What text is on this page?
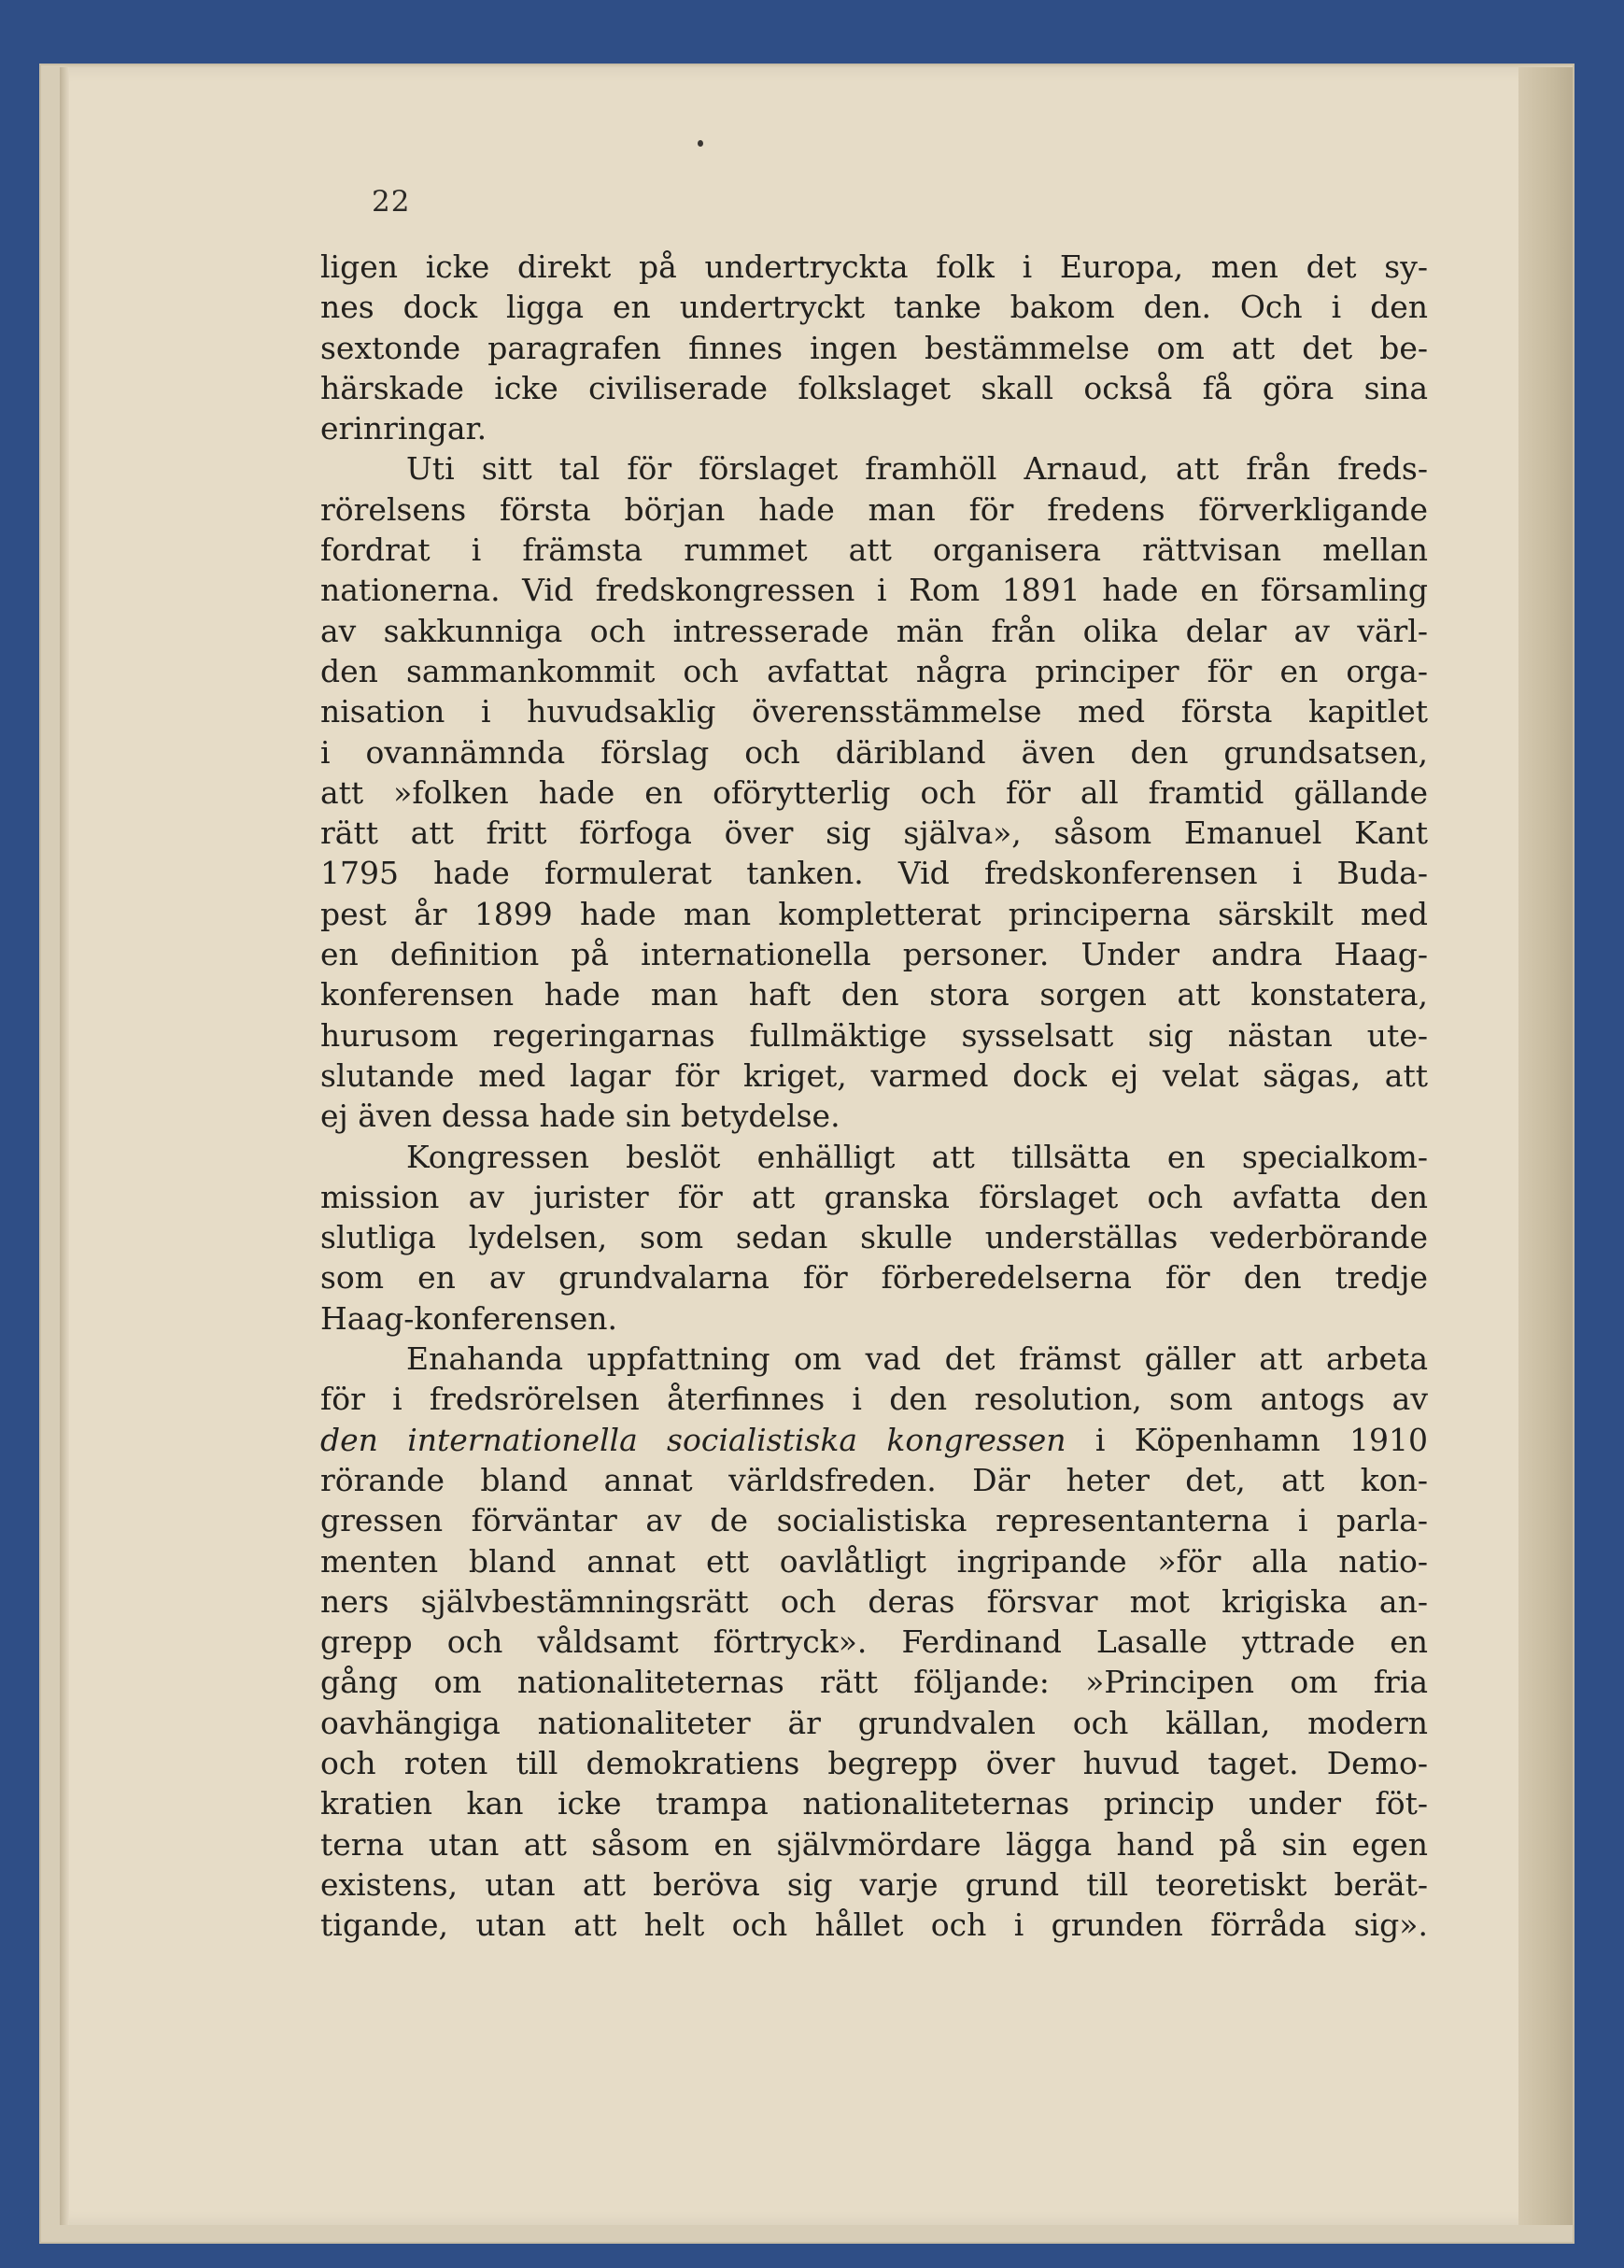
22

ligen icke direkt på undertryckta folk i Europa, men det sy-

nes dock ligga en undertryckt tanke bakom den. Och i den

sextonde paragrafen finnes ingen bestämmelse om att det be-

härskade icke civiliserade folkslaget skall också få göra sina

erinringar.

Uti sitt tal för förslaget framhöll Arnaud, att från freds-

rörelsens första början hade man för fredens förverkligande

fordrat i främsta rummet att organisera rättvisan mellan

nationerna. Vid fredskongressen i Rom 1891 hade en församling

av sakkunniga och intresserade män från olika delar av värl-

den sammankommit och avfattat några principer för en orga-

nisation i huvudsaklig överensstämmelse med första kapitlet

i ovannämnda förslag och däribland även den grundsatsen,

att »folken hade en oförytterlig och för all framtid gällande

rätt att fritt förfoga över sig själva», såsom Emanuel Kant

1795 hade formulerat tanken. Vid fredskonferensen i Buda-

pest år 1899 hade man kompletterat principerna särskilt med

en definition på internationella personer. Under andra Haag-

konferensen hade man haft den stora sorgen att konstatera,

hurusom regeringarnas fullmäktige sysselsatt sig nästan ute-

slutande med lagar för kriget, varmed dock ej velat sägas, att

ej även dessa hade sin betydelse.

Kongressen beslöt enhälligt att tillsätta en specialkom-

mission av jurister för att granska förslaget och avfatta den

slutliga lydelsen, som sedan skulle underställas vederbörande

som en av grundvalarna för förberedelserna för den tredje

Haag-konferensen.

Enahanda uppfattning om vad det främst gäller att arbeta

för i fredsrörelsen återfinnes i den resolution, som antogs av

den internationella socialistiska kongressen i Köpenhamn 1910

rörande bland annat världsfreden. Där heter det, att kon-

gressen förväntar av de socialistiska representanterna i parla-

menten bland annat ett oavlåtligt ingripande »för alla natio-

ners självbestämningsrätt och deras försvar mot krigiska an-

grepp och våldsamt förtryck». Ferdinand Lasalle yttrade en

gång om nationaliteternas rätt följande: »Principen om fria

oavhängiga nationaliteter är grundvalen och källan, modern

och roten till demokratiens begrepp över huvud taget. Demo-

kratien kan icke trampa nationaliteternas princip under föt-

terna utan att såsom en självmördare lägga hand på sin egen

existens, utan att beröva sig varje grund till teoretiskt berät-

tigande, utan att helt och hållet och i grunden förråda sig».
